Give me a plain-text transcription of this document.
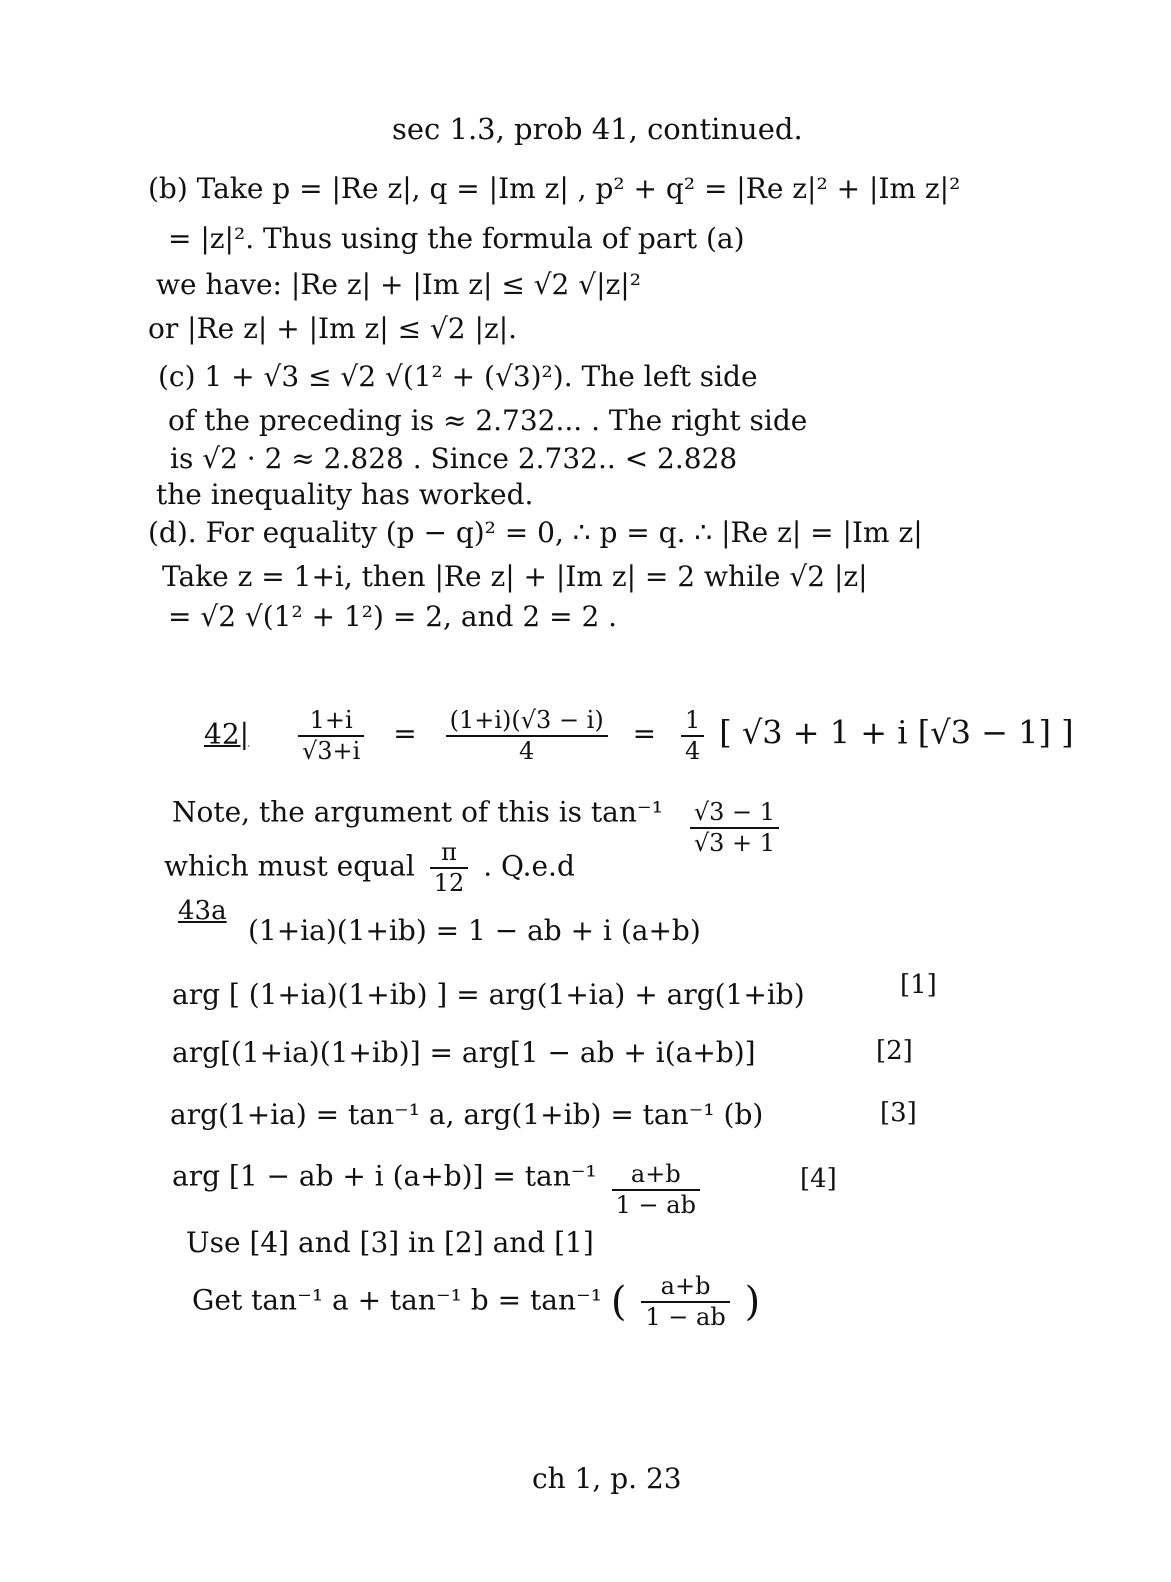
sec 1.3, prob 41, continued.
(b) Take p = |Re z|, q = |Im z| , p² + q² = |Re z|² + |Im z|²
= |z|². Thus using the formula of part (a)
we have: |Re z| + |Im z| ≤ √2 √|z|²
or |Re z| + |Im z| ≤ √2 |z|.
(c) 1 + √3 ≤ √2 √(1² + (√3)²). The left side
of the preceding is ≈ 2.732... . The right side
is √2 · 2 ≈ 2.828 . Since 2.732.. < 2.828
the inequality has worked.
(d). For equality (p − q)² = 0, ∴ p = q. ∴ |Re z| = |Im z|
Take z = 1+i, then |Re z| + |Im z| = 2 while √2 |z|
= √2 √(1² + 1²) = 2, and 2 = 2 .
$42| \frac{1+i}{√3+i} = \frac{(1+i)(√3 - i)}{4} = \frac{1}{4}$ [ √3 + 1 + i [√3 − 1] ]
Note, the argument of this is $\tan^{-1} \frac{√3 - 1}{√3 + 1}$
which must equal $\frac{\pi}{12}$ . Q.e.d
43a
(1+ia)(1+ib) = 1 − ab + i (a+b)
arg [ (1+ia)(1+ib) ] = arg(1+ia) + arg(1+ib)	[1]
arg[(1+ia)(1+ib)] = arg[1 − ab + i(a+b)]	[2]
arg(1+ia) = tan⁻¹ a, arg(1+ib) = tan⁻¹ (b)	[3]
arg [1 − ab + i $(a+b)] = \tan^{-1} \frac{a+b}{1 - ab}$	[4]
Use [4] and [3] in [2] and [1]
Get tan⁻¹ a + tan⁻¹ b = tan⁻¹ ( $\frac{a+b}{1 - ab}$ )
ch 1, p. 23
